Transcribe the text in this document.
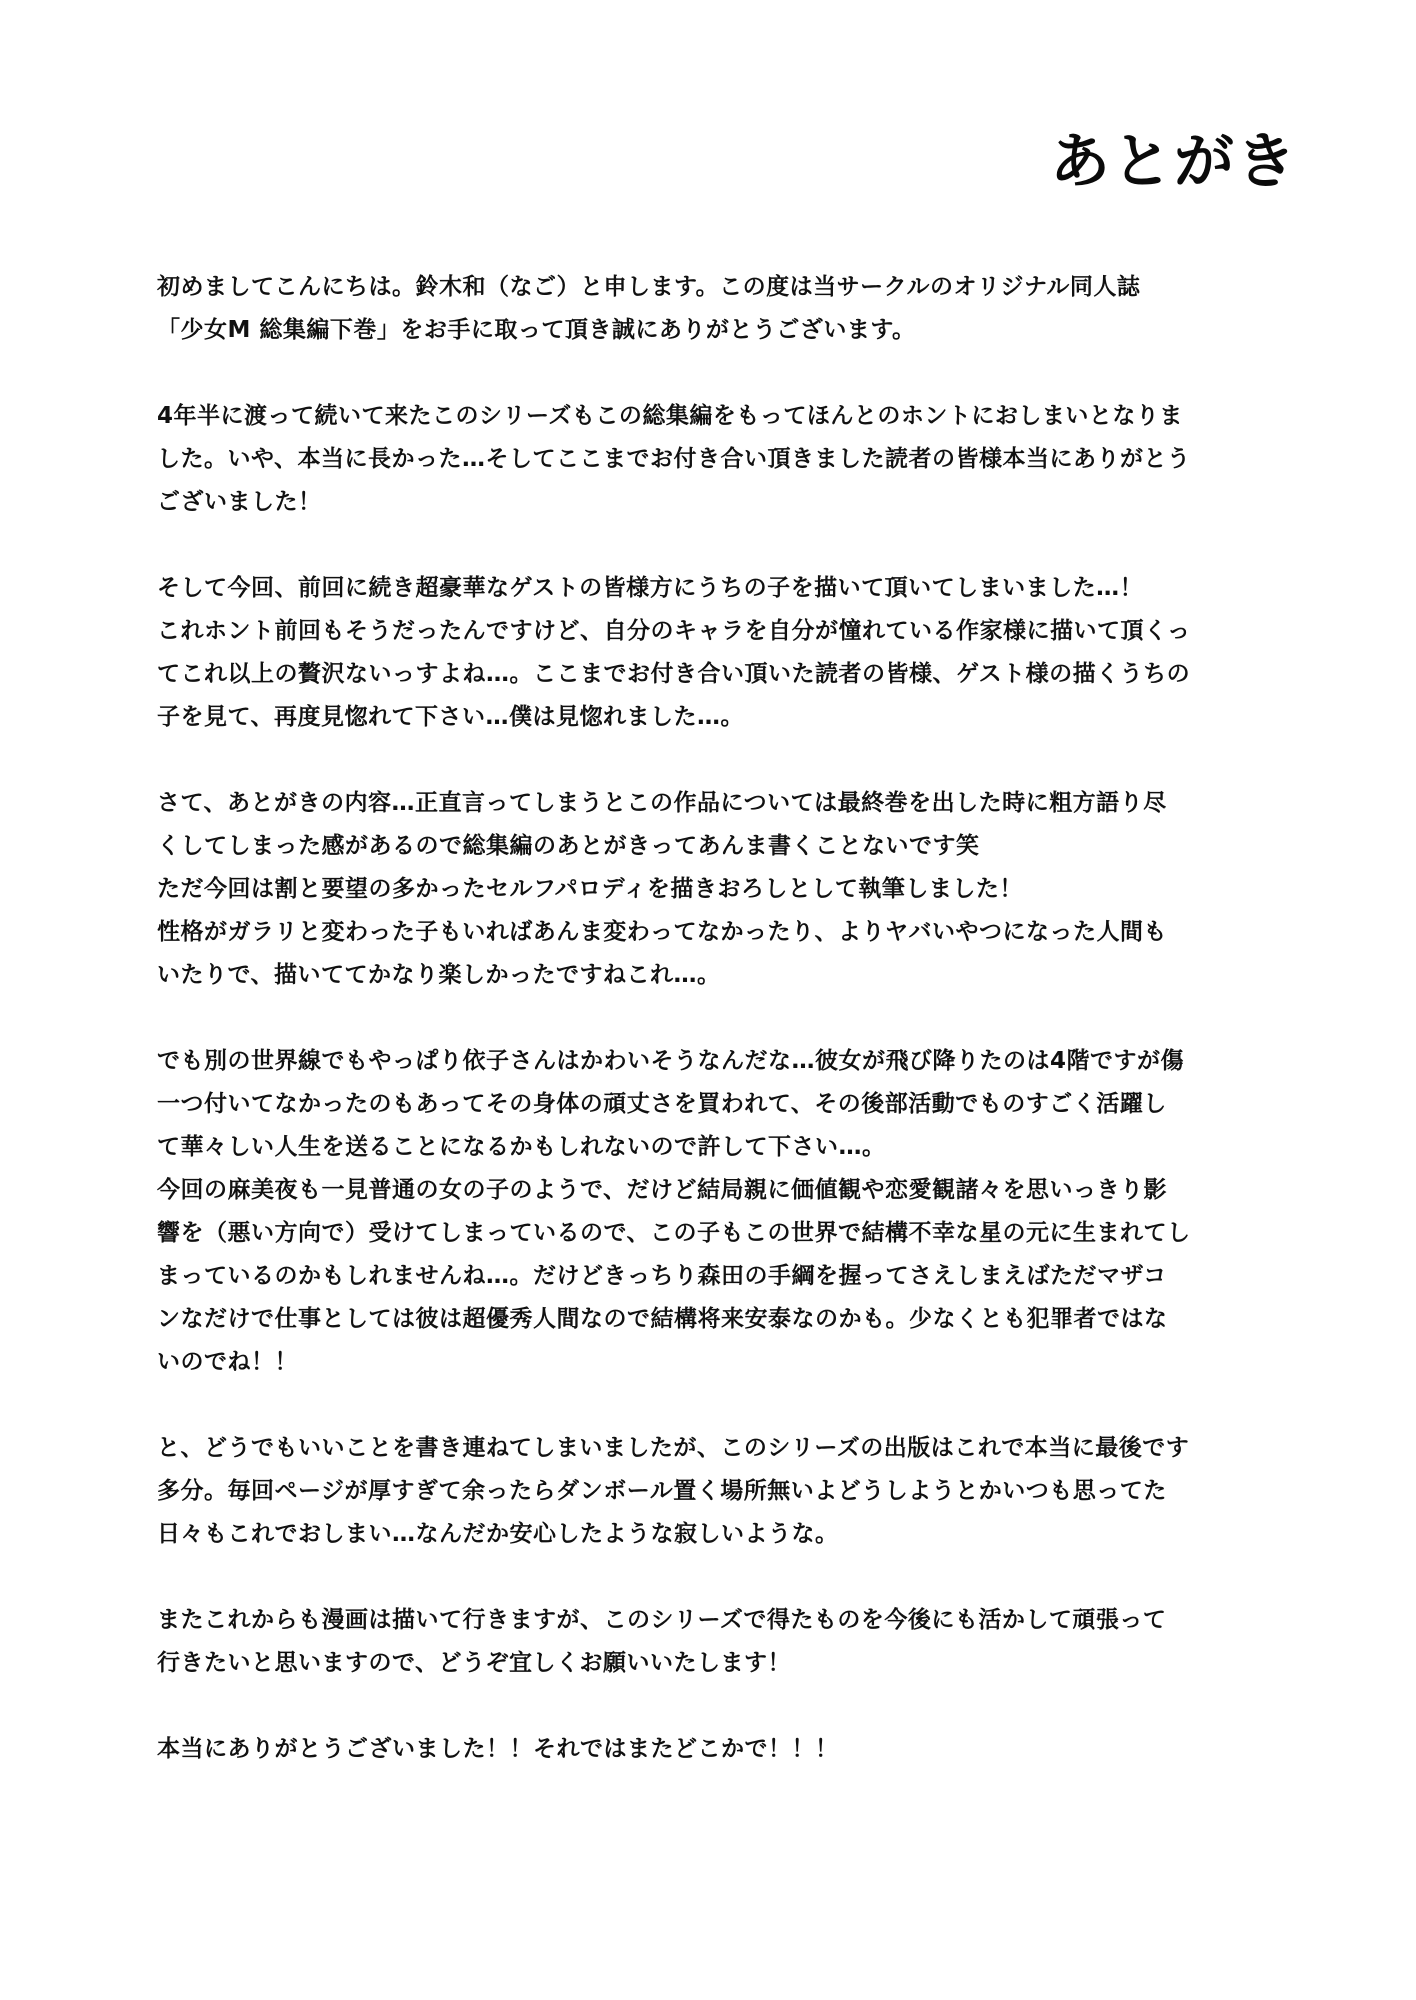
あとがき
初めましてこんにちは。鈴木和（なご）と申します。この度は当サークルのオリジナル同人誌
「少女M 総集編下巻」をお手に取って頂き誠にありがとうございます。
4年半に渡って続いて来たこのシリーズもこの総集編をもってほんとのホントにおしまいとなりま
した。いや、本当に長かった…そしてここまでお付き合い頂きました読者の皆様本当にありがとう
ございました！
そして今回、前回に続き超豪華なゲストの皆様方にうちの子を描いて頂いてしまいました…！
これホント前回もそうだったんですけど、自分のキャラを自分が憧れている作家様に描いて頂くっ
てこれ以上の贅沢ないっすよね…。ここまでお付き合い頂いた読者の皆様、ゲスト様の描くうちの
子を見て、再度見惚れて下さい…僕は見惚れました…。
さて、あとがきの内容…正直言ってしまうとこの作品については最終巻を出した時に粗方語り尽
くしてしまった感があるので総集編のあとがきってあんま書くことないです笑
ただ今回は割と要望の多かったセルフパロディを描きおろしとして執筆しました！
性格がガラリと変わった子もいればあんま変わってなかったり、よりヤバいやつになった人間も
いたりで、描いててかなり楽しかったですねこれ…。
でも別の世界線でもやっぱり依子さんはかわいそうなんだな…彼女が飛び降りたのは4階ですが傷
一つ付いてなかったのもあってその身体の頑丈さを買われて、その後部活動でものすごく活躍し
て華々しい人生を送ることになるかもしれないので許して下さい…。
今回の麻美夜も一見普通の女の子のようで、だけど結局親に価値観や恋愛観諸々を思いっきり影
響を（悪い方向で）受けてしまっているので、この子もこの世界で結構不幸な星の元に生まれてし
まっているのかもしれませんね…。だけどきっちり森田の手綱を握ってさえしまえばただマザコ
ンなだけで仕事としては彼は超優秀人間なので結構将来安泰なのかも。少なくとも犯罪者ではな
いのでね！！
と、どうでもいいことを書き連ねてしまいましたが、このシリーズの出版はこれで本当に最後です
多分。毎回ページが厚すぎて余ったらダンボール置く場所無いよどうしようとかいつも思ってた
日々もこれでおしまい…なんだか安心したような寂しいような。
またこれからも漫画は描いて行きますが、このシリーズで得たものを今後にも活かして頑張って
行きたいと思いますので、どうぞ宜しくお願いいたします！
本当にありがとうございました！！それではまたどこかで！！！
